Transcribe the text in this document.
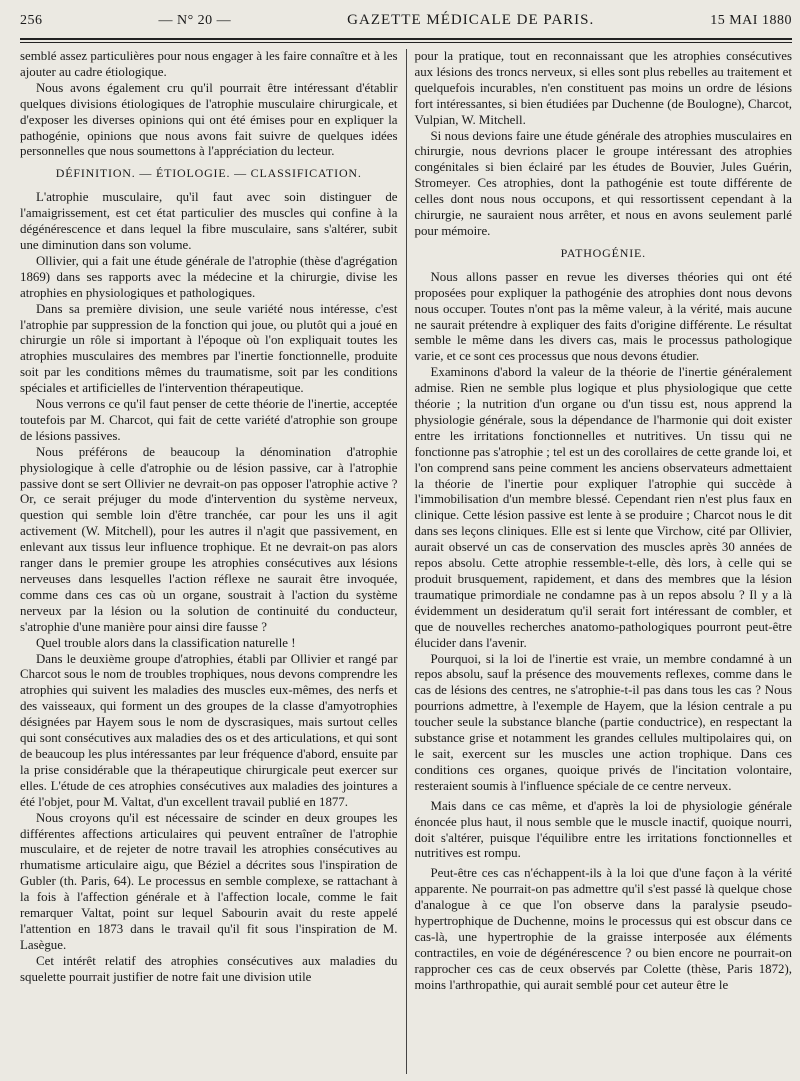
256	— N° 20 —	GAZETTE MÉDICALE DE PARIS.	15 MAI 1880

semblé assez particulières pour nous engager à les faire connaître et à les ajouter au cadre étiologique.

Nous avons également cru qu'il pourrait être intéressant d'établir quelques divisions étiologiques de l'atrophie musculaire chirurgicale, et d'exposer les diverses opinions qui ont été émises pour en expliquer la pathogénie, opinions que nous avons fait suivre de quelques idées personnelles que nous soumettons à l'appréciation du lecteur.

DÉFINITION. — ÉTIOLOGIE. — CLASSIFICATION.

L'atrophie musculaire, qu'il faut avec soin distinguer de l'amaigrissement, est cet état particulier des muscles qui confine à la dégénérescence et dans lequel la fibre musculaire, sans s'altérer, subit une diminution dans son volume.

Ollivier, qui a fait une étude générale de l'atrophie (thèse d'agrégation 1869) dans ses rapports avec la médecine et la chirurgie, divise les atrophies en physiologiques et pathologiques.

Dans sa première division, une seule variété nous intéresse, c'est l'atrophie par suppression de la fonction qui joue, ou plutôt qui a joué en chirurgie un rôle si important à l'époque où l'on expliquait toutes les atrophies musculaires des membres par l'inertie fonctionnelle, produite soit par les conditions mêmes du traumatisme, soit par les conditions spéciales et artificielles de l'intervention thérapeutique.

Nous verrons ce qu'il faut penser de cette théorie de l'inertie, acceptée toutefois par M. Charcot, qui fait de cette variété d'atrophie son groupe de lésions passives.

Nous préférons de beaucoup la dénomination d'atrophie physiologique à celle d'atrophie ou de lésion passive, car à l'atrophie passive dont se sert Ollivier ne devrait-on pas opposer l'atrophie active ? Or, ce serait préjuger du mode d'intervention du système nerveux, question qui semble loin d'être tranchée, car pour les uns il agit activement (W. Mitchell), pour les autres il n'agit que passivement, en enlevant aux tissus leur influence trophique. Et ne devrait-on pas alors ranger dans le premier groupe les atrophies consécutives aux lésions nerveuses dans lesquelles l'action réflexe ne saurait être invoquée, comme dans ces cas où un organe, soustrait à l'action du système nerveux par la lésion ou la solution de continuité du conducteur, s'atrophie d'une manière pour ainsi dire fausse ?

Quel trouble alors dans la classification naturelle !

Dans le deuxième groupe d'atrophies, établi par Ollivier et rangé par Charcot sous le nom de troubles trophiques, nous devons comprendre les atrophies qui suivent les maladies des muscles eux-mêmes, des nerfs et des vaisseaux, qui forment un des groupes de la classe d'amyotrophies désignées par Hayem sous le nom de dyscrasiques, mais surtout celles qui sont consécutives aux maladies des os et des articulations, et qui sont de beaucoup les plus intéressantes par leur fréquence d'abord, ensuite par la prise considérable que la thérapeutique chirurgicale peut exercer sur elles. L'étude de ces atrophies consécutives aux maladies des jointures a été l'objet, pour M. Valtat, d'un excellent travail publié en 1877.

Nous croyons qu'il est nécessaire de scinder en deux groupes les différentes affections articulaires qui peuvent entraîner de l'atrophie musculaire, et de rejeter de notre travail les atrophies consécutives au rhumatisme articulaire aigu, que Béziel a décrites sous l'inspiration de Gubler (th. Paris, 64). Le processus en semble complexe, se rattachant à la fois à l'affection générale et à l'affection locale, comme le fait remarquer Valtat, point sur lequel Sabourin avait du reste appelé l'attention en 1873 dans le travail qu'il fit sous l'inspiration de M. Lasègue.

Cet intérêt relatif des atrophies consécutives aux maladies du squelette pourrait justifier de notre fait une division utile

pour la pratique, tout en reconnaissant que les atrophies consécutives aux lésions des troncs nerveux, si elles sont plus rebelles au traitement et quelquefois incurables, n'en constituent pas moins un ordre de lésions fort intéressantes, si bien étudiées par Duchenne (de Boulogne), Charcot, Vulpian, W. Mitchell.

Si nous devions faire une étude générale des atrophies musculaires en chirurgie, nous devrions placer le groupe intéressant des atrophies congénitales si bien éclairé par les études de Bouvier, Jules Guérin, Stromeyer. Ces atrophies, dont la pathogénie est toute différente de celles dont nous nous occupons, et qui ressortissent cependant à la chirurgie, ne sauraient nous arrêter, et nous en avons seulement parlé pour mémoire.

PATHOGÉNIE.

Nous allons passer en revue les diverses théories qui ont été proposées pour expliquer la pathogénie des atrophies dont nous devons nous occuper. Toutes n'ont pas la même valeur, à la vérité, mais aucune ne saurait prétendre à expliquer des faits d'origine différente. Le résultat semble le même dans les divers cas, mais le processus pathologique varie, et ce sont ces processus que nous devons étudier.

Examinons d'abord la valeur de la théorie de l'inertie généralement admise. Rien ne semble plus logique et plus physiologique que cette théorie ; la nutrition d'un organe ou d'un tissu est, nous apprend la physiologie générale, sous la dépendance de l'harmonie qui doit exister entre les irritations fonctionnelles et nutritives. Un tissu qui ne fonctionne pas s'atrophie ; tel est un des corollaires de cette grande loi, et l'on comprend sans peine comment les anciens observateurs admettaient la théorie de l'inertie pour expliquer l'atrophie qui succède à l'immobilisation d'un membre blessé. Cependant rien n'est plus faux en clinique. Cette lésion passive est lente à se produire ; Charcot nous le dit dans ses leçons cliniques. Elle est si lente que Virchow, cité par Ollivier, aurait observé un cas de conservation des muscles après 30 années de repos absolu. Cette atrophie ressemble-t-elle, dès lors, à celle qui se produit brusquement, rapidement, et dans des membres que la lésion traumatique primordiale ne condamne pas à un repos absolu ? Il y a là évidemment un desideratum qu'il serait fort intéressant de combler, et que de nouvelles recherches anatomo-pathologiques pourront peut-être élucider dans l'avenir.

Pourquoi, si la loi de l'inertie est vraie, un membre condamné à un repos absolu, sauf la présence des mouvements reflexes, comme dans le cas de lésions des centres, ne s'atrophie-t-il pas dans tous les cas ? Nous pourrions admettre, à l'exemple de Hayem, que la lésion centrale a pu toucher seule la substance blanche (partie conductrice), en respectant la substance grise et notamment les grandes cellules multipolaires qui, on le sait, exercent sur les muscles une action trophique. Dans ces conditions ces organes, quoique privés de l'incitation volontaire, resteraient soumis à l'influence spéciale de ce centre nerveux.

Mais dans ce cas même, et d'après la loi de physiologie générale énoncée plus haut, il nous semble que le muscle inactif, quoique nourri, doit s'altérer, puisque l'équilibre entre les irritations fonctionnelles et nutritives est rompu.

Peut-être ces cas n'échappent-ils à la loi que d'une façon à la vérité apparente. Ne pourrait-on pas admettre qu'il s'est passé là quelque chose d'analogue à ce que l'on observe dans la paralysie pseudo-hypertrophique de Duchenne, moins le processus qui est obscur dans ce cas-là, une hypertrophie de la graisse interposée aux éléments contractiles, en voie de dégénérescence ? ou bien encore ne pourrait-on rapprocher ces cas de ceux observés par Colette (thèse, Paris 1872), moins l'arthropathie, qui aurait semblé pour cet auteur être le
